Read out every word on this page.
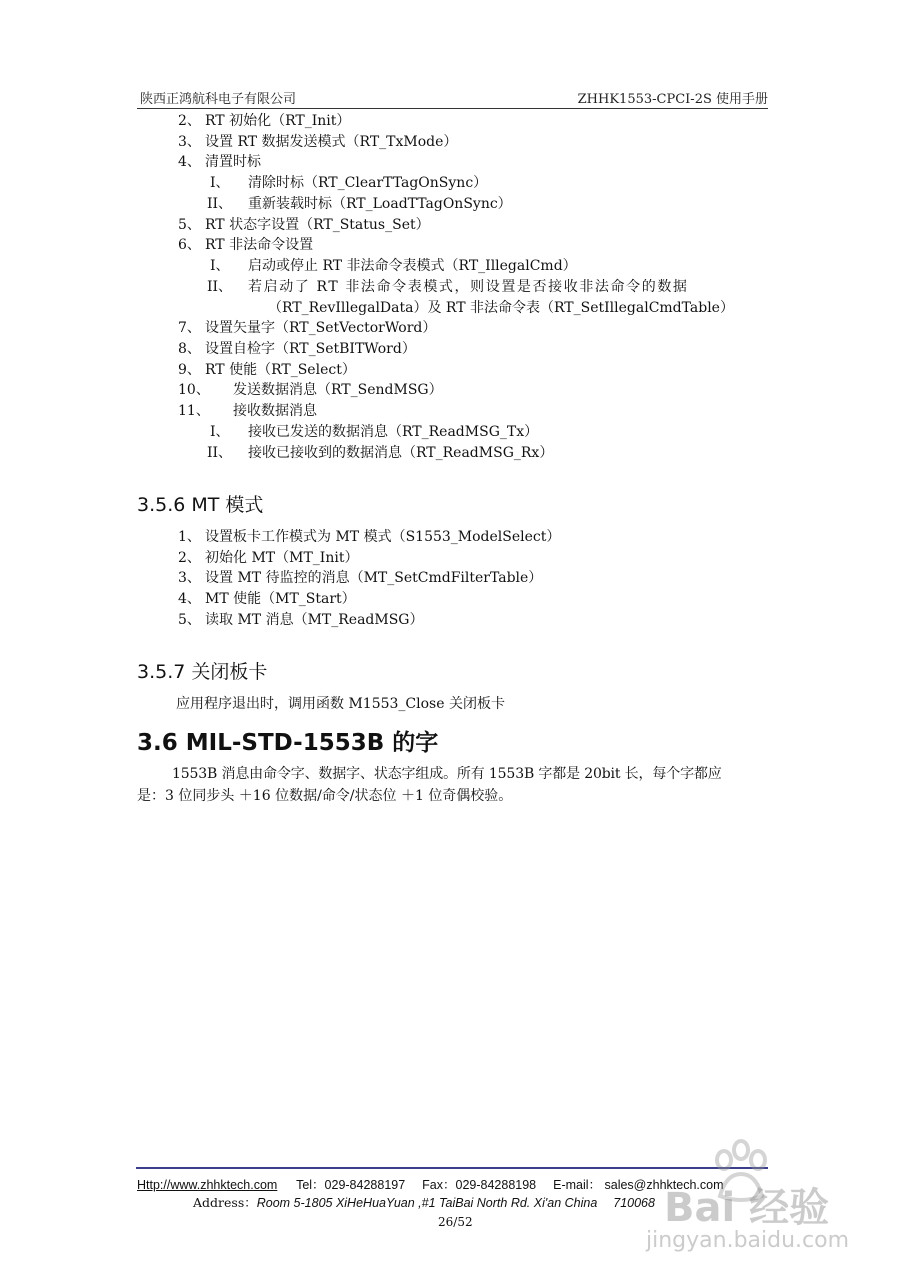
陕西正鸿航科电子有限公司	ZHHK1553-CPCI-2S 使用手册
2、 RT 初始化（RT_Init）
3、 设置 RT 数据发送模式（RT_TxMode）
4、 清置时标
I、 清除时标（RT_ClearTTagOnSync）
II、 重新装载时标（RT_LoadTTagOnSync）
5、 RT 状态字设置（RT_Status_Set）
6、 RT 非法命令设置
I、 启动或停止 RT 非法命令表模式（RT_IllegalCmd）
II、 若启动了 RT 非法命令表模式，则设置是否接收非法命令的数据
（RT_RevIllegalData）及 RT 非法命令表（RT_SetIllegalCmdTable）
7、 设置矢量字（RT_SetVectorWord）
8、 设置自检字（RT_SetBITWord）
9、 RT 使能（RT_Select）
10、 发送数据消息（RT_SendMSG）
11、 接收数据消息
I、 接收已发送的数据消息（RT_ReadMSG_Tx）
II、 接收已接收到的数据消息（RT_ReadMSG_Rx）
3.5.6 MT 模式
1、 设置板卡工作模式为 MT 模式（S1553_ModelSelect）
2、 初始化 MT（MT_Init）
3、 设置 MT 待监控的消息（MT_SetCmdFilterTable）
4、 MT 使能（MT_Start）
5、 读取 MT 消息（MT_ReadMSG）
3.5.7 关闭板卡
应用程序退出时，调用函数 M1553_Close 关闭板卡
3.6 MIL-STD-1553B 的字
1553B 消息由命令字、数据字、状态字组成。所有 1553B 字都是 20bit 长，每个字都应
是：3 位同步头 ＋16 位数据/命令/状态位 ＋1 位奇偶校验。
Http://www.zhhktech.com Tel：029-84288197 Fax：029-84288198 E-mail： sales@zhhktech.com
Address：Room 5-1805 XiHeHuaYuan ,#1 TaiBai North Rd. Xi'an China 710068
26/52	Bai 经验
jingyan.baidu.com
